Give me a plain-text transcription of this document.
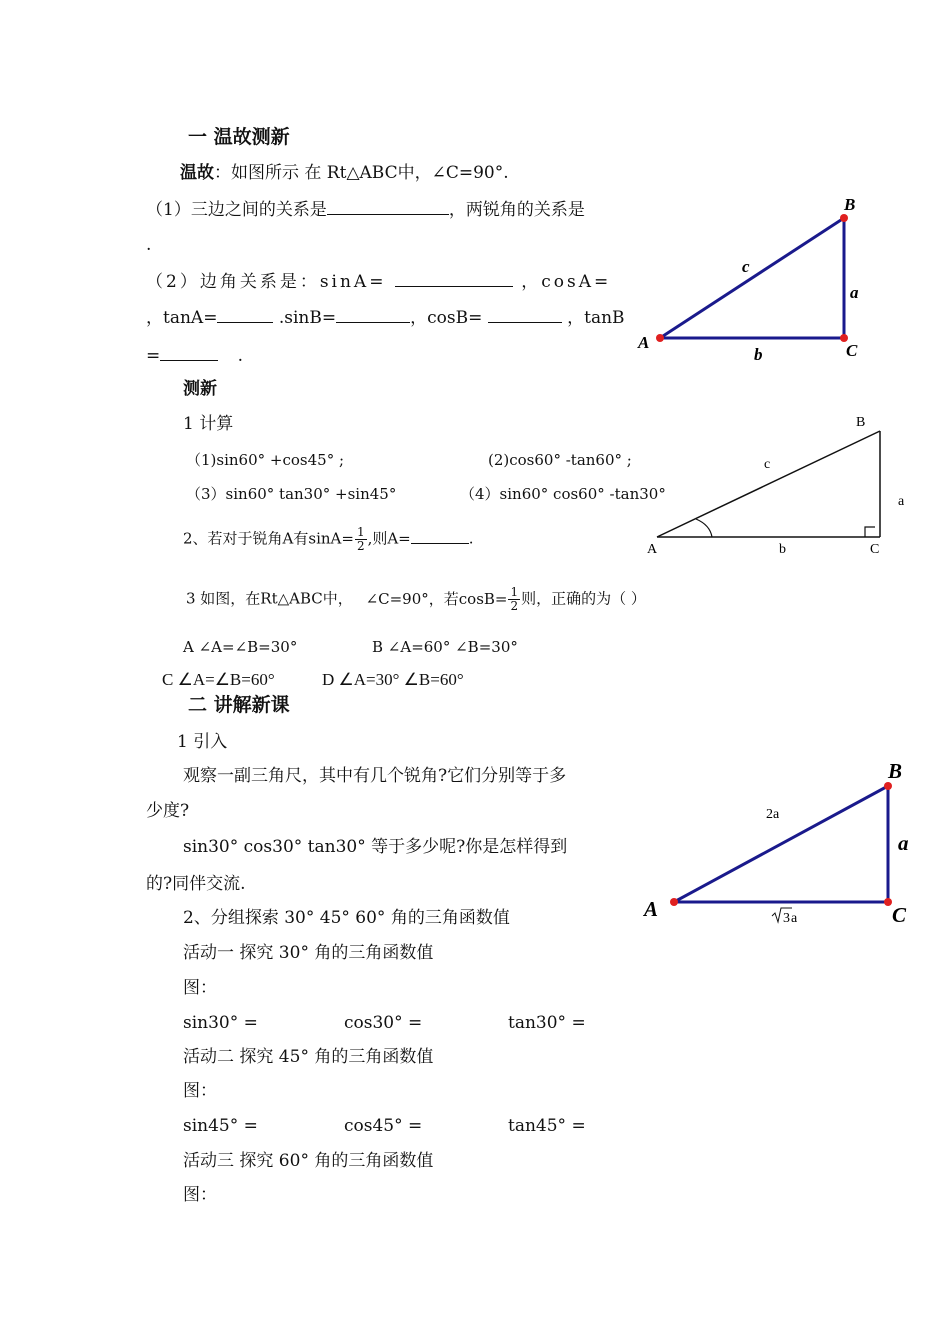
一 温故测新
温故：如图所示 在 Rt△ABC中，∠C=90°.
（1）三边之间的关系是	，两锐角的关系是
.
（2）边角关系是：sinA=	，cosA=
，tanA=	.sinB=	，cosB=	，tanB
=	.
A
B
C
a
b
c
测新
1 计算
（1)sin60° +cos45° ;	(2)cos60° -tan60° ;
（3）sin60° tan30° +sin45°	（4）sin60° cos60° -tan30°
2、若对于锐角A有$\sin A= \frac{1}{2}$ ,则A=	.
A
B
C
a
b
c
3 如图，在Rt△ABC中， ∠C=90°，若$\cos B= \frac{1}{2}$ 则，正确的为（ ）
A ∠A=∠B=30°	B ∠A=60° ∠B=30°
C ∠A=∠B=60°	D ∠A=30° ∠B=60°
二 讲解新课
1 引入
观察一副三角尺，其中有几个锐角?它们分别等于多
少度?
sin30° cos30° tan30° 等于多少呢?你是怎样得到
的?同伴交流.
2、分组探索 30° 45° 60° 角的三角函数值
活动一 探究 30° 角的三角函数值
图：
sin30° =	cos30° =	tan30° =
活动二 探究 45° 角的三角函数值
图：
sin45° =	cos45° =	tan45° =
活动三 探究 60° 角的三角函数值
图：
A
B
C
a
2a
3 a
